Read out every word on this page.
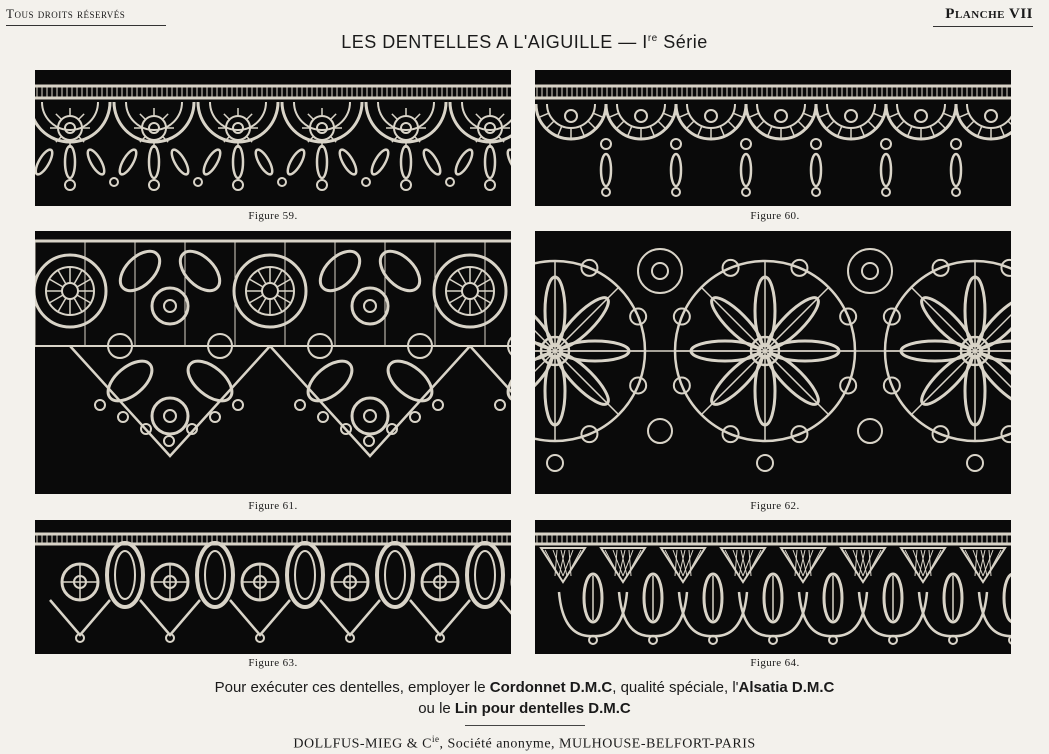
Tous droits réservés	Planche VII
LES DENTELLES A L'AIGUILLE — Ire Série
Figure 59.	Figure 60.
Figure 61.	Figure 62.
Figure 63.	Figure 64.
Pour exécuter ces dentelles, employer le Cordonnet D.M.C, qualité spéciale, l'Alsatia D.M.C
ou le Lin pour dentelles D.M.C
DOLLFUS-MIEG & $C^{ie}$, Société anonyme, MULHOUSE-BELFORT-PARIS
